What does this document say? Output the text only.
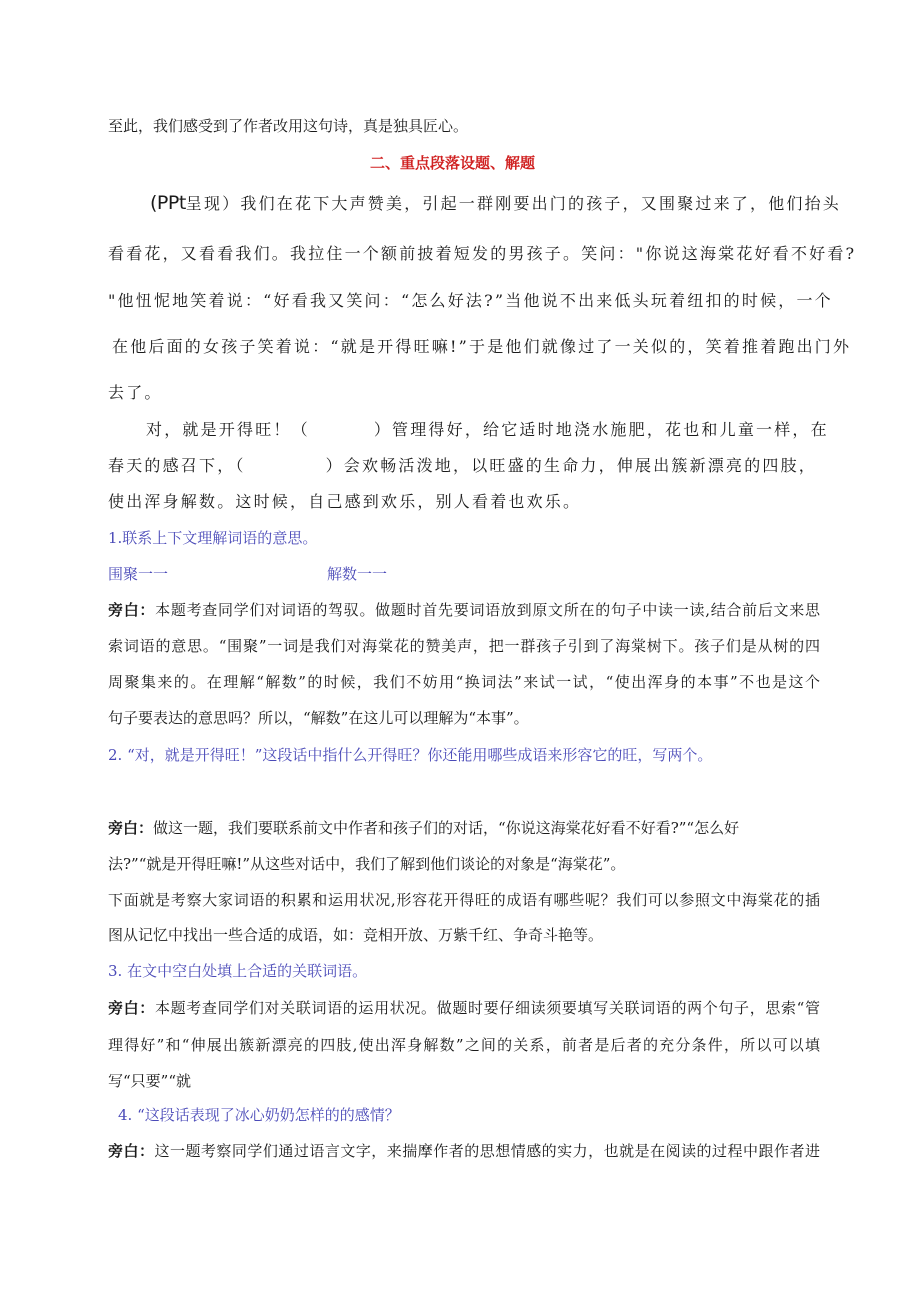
至此，我们感受到了作者改用这句诗，真是独具匠心。
二、重点段落设题、解题
(PPt呈现）我们在花下大声赞美，引起一群刚要出门的孩子，又围聚过来了，他们抬头
看看花，又看看我们。我拉住一个额前披着短发的男孩子。笑问："你说这海棠花好看不好看?
"他忸怩地笑着说：“好看我又笑问：“怎么好法?”当他说不出来低头玩着纽扣的时候，一个
在他后面的女孩子笑着说：“就是开得旺嘛!”于是他们就像过了一关似的，笑着推着跑出门外
去了。
对，就是开得旺！（	）管理得好，给它适时地浇水施肥，花也和儿童一样，在
春天的感召下，（	）会欢畅活泼地，以旺盛的生命力，伸展出簇新漂亮的四肢，
使出浑身解数。这时候，自己感到欢乐，别人看着也欢乐。
1.联系上下文理解词语的意思。
围聚一一	解数一一
旁白：本题考查同学们对词语的驾驭。做题时首先要词语放到原文所在的句子中读一读,结合前后文来思
索词语的意思。“围聚”一词是我们对海棠花的赞美声，把一群孩子引到了海棠树下。孩子们是从树的四
周聚集来的。在理解“解数”的时候，我们不妨用“换词法”来试一试，“使出浑身的本事”不也是这个
句子要表达的意思吗？所以，“解数”在这儿可以理解为“本事”。
2. “对，就是开得旺！”这段话中指什么开得旺？你还能用哪些成语来形容它的旺，写两个。
旁白：做这一题，我们要联系前文中作者和孩子们的对话，“你说这海棠花好看不好看?”“怎么好
法?”“就是开得旺嘛!”从这些对话中，我们了解到他们谈论的对象是“海棠花”。
下面就是考察大家词语的积累和运用状况,形容花开得旺的成语有哪些呢？我们可以参照文中海棠花的插
图从记忆中找出一些合适的成语，如：竞相开放、万紫千红、争奇斗艳等。
3. 在文中空白处填上合适的关联词语。
旁白：本题考查同学们对关联词语的运用状况。做题时要仔细读须要填写关联词语的两个句子，思索“管
理得好”和“伸展出簇新漂亮的四肢,使出浑身解数”之间的关系，前者是后者的充分条件，所以可以填
写“只要”“就
4. “这段话表现了冰心奶奶怎样的的感情？
旁白：这一题考察同学们通过语言文字，来揣摩作者的思想情感的实力，也就是在阅读的过程中跟作者进
